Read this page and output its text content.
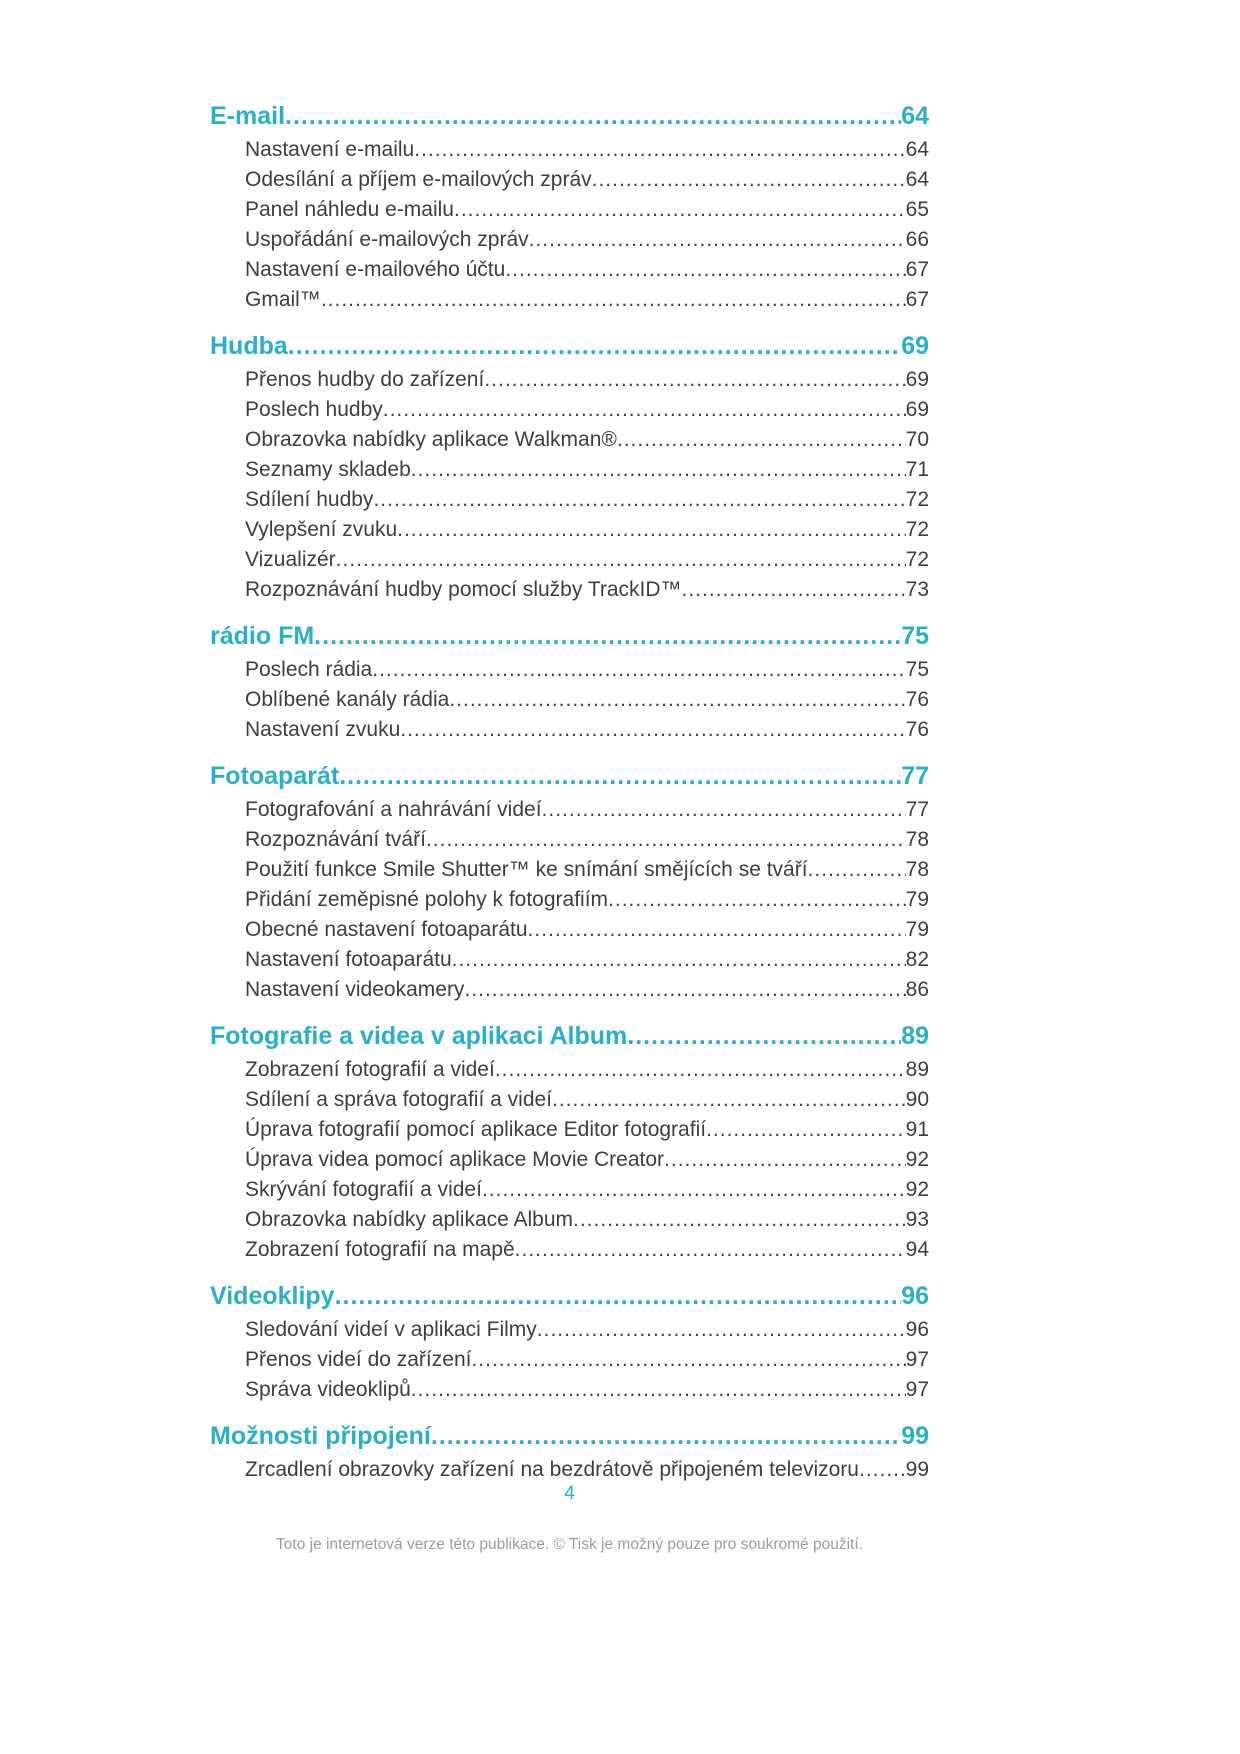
E-mail .....	64
Nastavení e-mailu .....	64
Odesílání a příjem e-mailových zpráv .....	64
Panel náhledu e-mailu .....	65
Uspořádání e-mailových zpráv .....	66
Nastavení e-mailového účtu .....	67
Gmail™ .....	67
Hudba .....	69
Přenos hudby do zařízení .....	69
Poslech hudby .....	69
Obrazovka nabídky aplikace Walkman® .....	70
Seznamy skladeb .....	71
Sdílení hudby .....	72
Vylepšení zvuku .....	72
Vizualizér .....	72
Rozpoznávání hudby pomocí služby TrackID™ .....	73
rádio FM .....	75
Poslech rádia .....	75
Oblíbené kanály rádia .....	76
Nastavení zvuku .....	76
Fotoaparát .....	77
Fotografování a nahrávání videí .....	77
Rozpoznávání tváří .....	78
Použití funkce Smile Shutter™ ke snímání smějících se tváří .....	78
Přidání zeměpisné polohy k fotografiím .....	79
Obecné nastavení fotoaparátu .....	79
Nastavení fotoaparátu .....	82
Nastavení videokamery .....	86
Fotografie a videa v aplikaci Album .....	89
Zobrazení fotografií a videí .....	89
Sdílení a správa fotografií a videí .....	90
Úprava fotografií pomocí aplikace Editor fotografií .....	91
Úprava videa pomocí aplikace Movie Creator .....	92
Skrývání fotografií a videí .....	92
Obrazovka nabídky aplikace Album .....	93
Zobrazení fotografií na mapě .....	94
Videoklipy .....	96
Sledování videí v aplikaci Filmy .....	96
Přenos videí do zařízení .....	97
Správa videoklipů .....	97
Možnosti připojení .....	99
Zrcadlení obrazovky zařízení na bezdrátově připojeném televizoru ..... 99
4
Toto je internetová verze této publikace. © Tisk je možný pouze pro soukromé použití.
